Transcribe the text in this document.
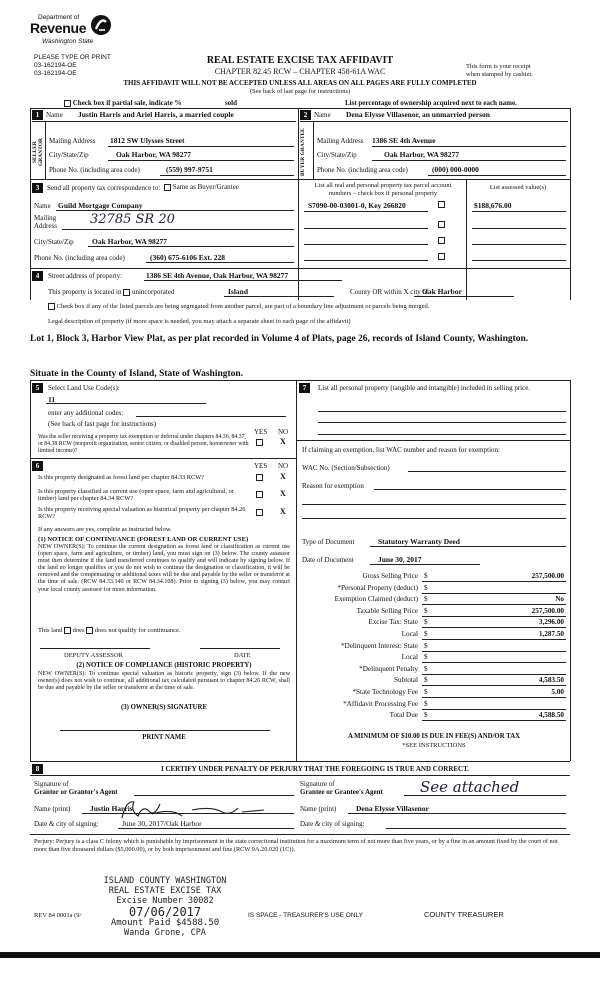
Department of
Revenue
Washington State
PLEASE TYPE OR PRINT
03-162194-OE
03-162194-OE
REAL ESTATE EXCISE TAX AFFIDAVIT
CHAPTER 82.45 RCW – CHAPTER 458-61A WAC
This form is your receipt
when stamped by cashier.
THIS AFFIDAVIT WILL NOT BE ACCEPTED UNLESS ALL AREAS ON ALL PAGES ARE FULLY COMPLETED
(See back of last page for instructions)
Check box if partial sale, indicate %	sold	List percentage of ownership acquired next to each name.
1 Name Justin Harris and Ariel Harris, a married couple
SELLER GRANTOR Mailing Address 1812 SW Ulysses Street
City/State/Zip	Oak Harbor, WA 98277
Phone No. (including area code)	(559) 997-9751
2 Name Dena Elysse Villasenor, an unmarried person
BUYER GRANTEE	Mailing Address 1386 SE 4th Avenue
City/State/Zip	Oak Harbor, WA 98277
Phone No. (including area code)	(000) 000-0000
3	Send all property tax correspondence to:	Same as Buyer/Grantee
Name Guild Mortgage Company
Mailing
Address	32785 SR 20
City/State/Zip Oak Harbor, WA 98277
Phone No. (including area code)	(360) 675-6106 Ext. 228
List all real and personal property tax parcel account numbers – check box if personal property
List assessed value(s)
S7090-00-03001-0, Key 266820	$188,676.00
4	Street address of property:	1386 SE 4th Avenue, Oak Harbor, WA 98277
This property is located in unincorporated	Island	County OR within X city of
Oak Harbor
Check box if any of the listed parcels are being segregated from another parcel, are part of a boundary line adjustment or parcels being merged.
Legal description of property (if more space is needed, you may attach a separate sheet to each page of the affidavit)
Lot 1, Block 3, Harbor View Plat, as per plat recorded in Volume 4 of Plats, page 26, records of Island County, Washington.
Situate in the County of Island, State of Washington.
5	Select Land Use Code(s):
11
enter any additional codes:
(See back of last page for instructions)
YES NO
Was the seller receiving a property tax exemption or deferral under chapters 84.36, 84.37, or 84.38 RCW (nonprofit organization, senior citizen, or disabled person, homeowner with limited income)?
X
6	YES NO
Is this property designated as forest land per chapter 84.33 RCW?	X
Is this property classified as current use (open space, farm and agricultural, or timber) land per chapter 84.34 RCW?
X
Is this property receiving special valuation as historical property per chapter 84.26 RCW?
X
If any answers are yes, complete as instructed below.
(1) NOTICE OF CONTINUANCE (FOREST LAND OR CURRENT USE)
NEW OWNER(S): To continue the current designation as forest land or classification as current use (open space, farm and agriculture, or timber) land, you must sign on (3) below. The county assessor must then determine if the land transferred continues to qualify and will indicate by signing below. If the land no longer qualifies or you do not wish to continue the designation or classification, it will be removed and the compensating or additional taxes will be due and payable by the seller or transferor at the time of sale. (RCW 84.33.140 or RCW 84.34.108). Prior to signing (3) below, you may contact your local county assessor for more information.
This land does does not qualify for continuance.
DEPUTY ASSESSOR	DATE
(2) NOTICE OF COMPLIANCE (HISTORIC PROPERTY)
NEW OWNER(S): To continue special valuation as historic property, sign (3) below. If the new owner(s) does not wish to continue, all additional tax calculated pursuant to chapter 84.26 RCW, shall be due and payable by the seller or transferor at the time of sale.
(3) OWNER(S) SIGNATURE
PRINT NAME
7	List all personal property (tangible and intangible) included in selling price.
If claiming an exemption, list WAC number and reason for exemption:
WAC No. (Section/Subsection)
Reason for exemption
Type of Document	Statutory Warranty Deed
Date of Document	June 30, 2017
Gross Selling Price $	257,500.00
*Personal Property (deduct) $
Exemption Claimed (deduct) $	No
Taxable Selling Price $	257,500.00
Excise Tax: State $	3,296.00
Local $	1,287.50
*Delinquent Interest: State $
Local $
*Delinquent Penalty $
Subtotal $	4,583.50
*State Technology Fee $	5.00
*Affidavit Processing Fee $
Total Due $	4,588.50
A MINIMUM OF $10.00 IS DUE IN FEE(S) AND/OR TAX
*SEE INSTRUCTIONS
8	I CERTIFY UNDER PENALTY OF PERJURY THAT THE FOREGOING IS TRUE AND CORRECT.
Signature of
Grantor or Grantor's Agent
Signature of
Grantee or Grantee's Agent See attached
Name (print)	Justin Harris	Name (print)	Dena Elysse Villasenor
Date & city of signing:	June 30, 2017/Oak Harbor	Date & city of signing:
Perjury: Perjury is a class C felony which is punishable by imprisonment in the state correctional institution for a maximum term of not more than five years, or by a fine in an amount fixed by the court of not more than five thousand dollars ($5,000.00), or by both imprisonment and fine (RCW 9A.20.020 (1C)).
ISLAND COUNTY WASHINGTON
REAL ESTATE EXCISE TAX
Excise Number 30082
07/06/2017
Amount Paid $4588.50
Wanda Grone, CPA
REV 84 0001a (9/	IS SPACE - TREASURER'S USE ONLY	COUNTY TREASURER
